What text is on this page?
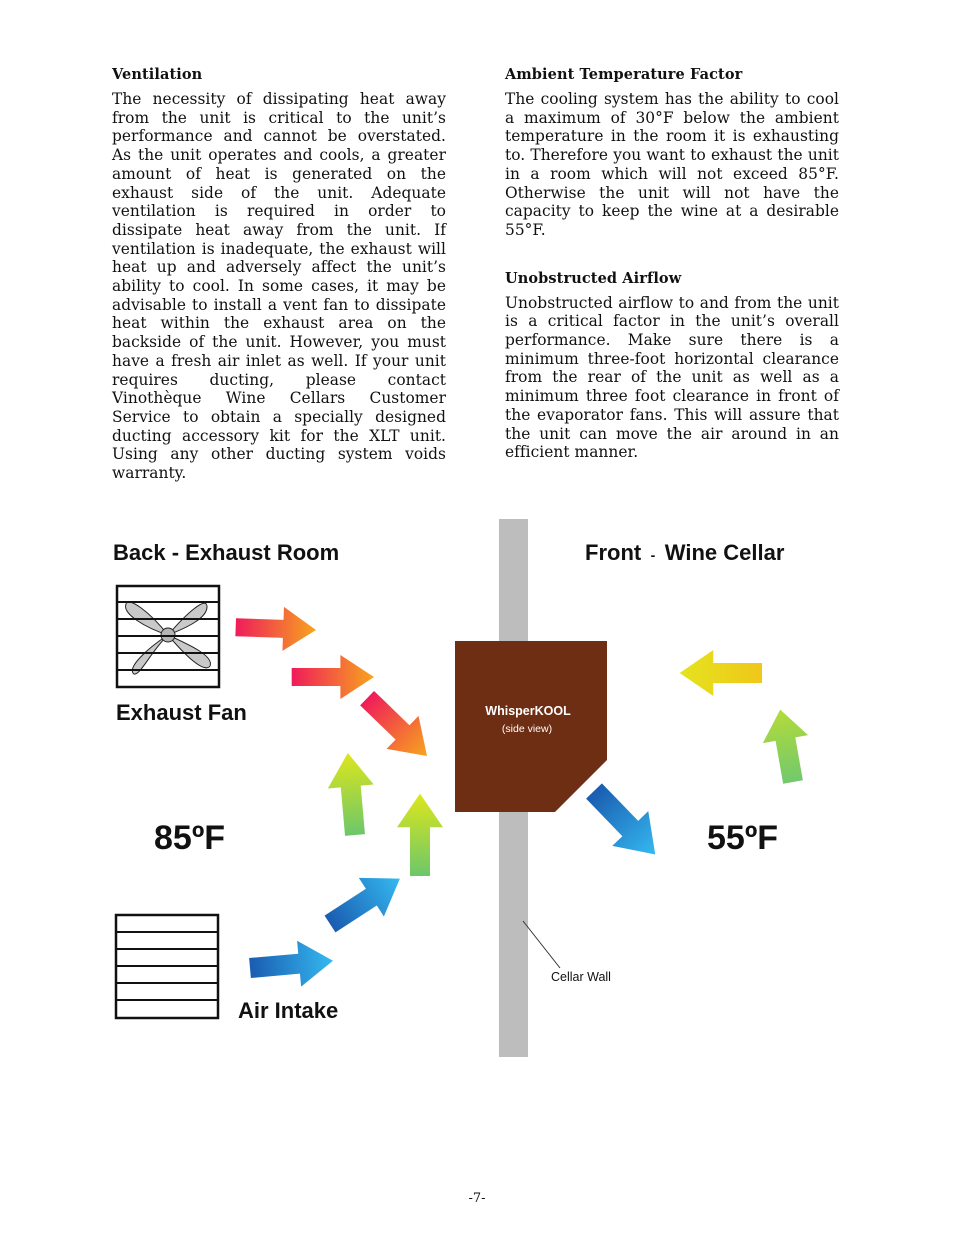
Ventilation

The necessity of dissipating heat away from the unit is critical to the unit’s performance and cannot be overstated. As the unit operates and cools, a greater amount of heat is generated on the exhaust side of the unit. Adequate ventilation is required in order to dissipate heat away from the unit. If ventilation is inadequate, the exhaust will heat up and adversely affect the unit’s ability to cool. In some cases, it may be advisable to install a vent fan to dissipate heat within the exhaust area on the backside of the unit. However, you must have a fresh air inlet as well. If your unit requires ducting, please contact Vinothèque Wine Cellars Customer Service to obtain a specially designed ducting accessory kit for the XLT unit. Using any other ducting system voids warranty.

Ambient Temperature Factor

The cooling system has the ability to cool a maximum of 30°F below the ambient temperature in the room it is exhausting to. Therefore you want to exhaust the unit in a room which will not exceed 85°F. Otherwise the unit will not have the capacity to keep the wine at a desirable 55°F.

Unobstructed Airflow

Unobstructed airflow to and from the unit is a critical factor in the unit’s overall performance. Make sure there is a minimum three-foot horizontal clearance from the rear of the unit as well as a minimum three foot clearance in front of the evaporator fans. This will assure that the unit can move the air around in an efficient manner.

WhisperKOOL
(side view)
Cellar Wall
Back - Exhaust Room	Front - Wine Cellar
Exhaust Fan
Air Intake
85ºF	55ºF
-7-
